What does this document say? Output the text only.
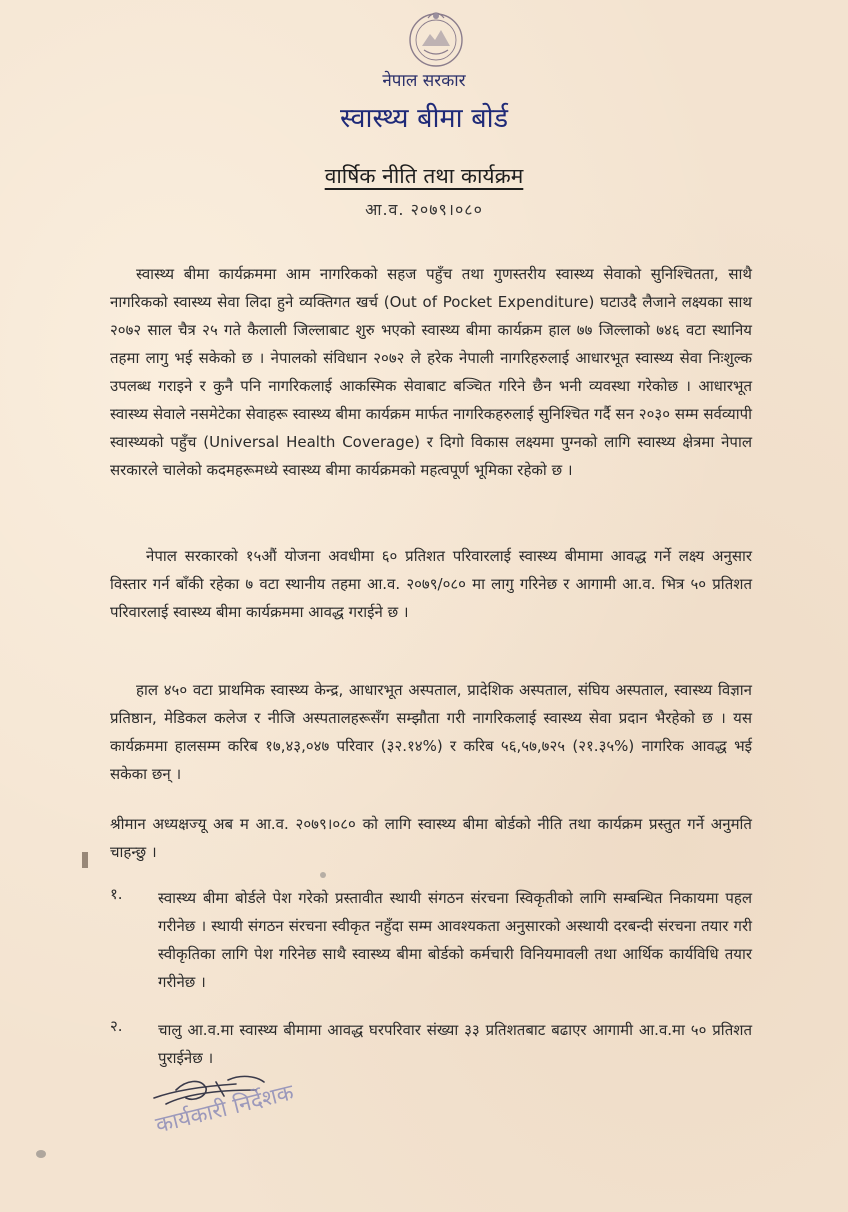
नेपाल सरकार
स्वास्थ्य बीमा बोर्ड
वार्षिक नीति तथा कार्यक्रम
आ.व. २०७९।०८०

स्वास्थ्य बीमा कार्यक्रममा आम नागरिकको सहज पहुँच तथा गुणस्तरीय स्वास्थ्य सेवाको सुनिश्चितता, साथै नागरिकको स्वास्थ्य सेवा लिदा हुने व्यक्तिगत खर्च (Out of Pocket Expenditure) घटाउदै लैजाने लक्ष्यका साथ २०७२ साल चैत्र २५ गते कैलाली जिल्लाबाट शुरु भएको स्वास्थ्य बीमा कार्यक्रम हाल ७७ जिल्लाको ७४६ वटा स्थानिय तहमा लागु भई सकेको छ । नेपालको संविधान २०७२ ले हरेक नेपाली नागरिहरुलाई आधारभूत स्वास्थ्य सेवा निःशुल्क उपलब्ध गराइने र कुनै पनि नागरिकलाई आकस्मिक सेवाबाट बञ्चित गरिने छैन भनी व्यवस्था गरेकोछ । आधारभूत स्वास्थ्य सेवाले नसमेटेका सेवाहरू स्वास्थ्य बीमा कार्यक्रम मार्फत नागरिकहरुलाई सुनिश्चित गर्दै सन २०३० सम्म सर्वव्यापी स्वास्थ्यको पहुँच (Universal Health Coverage) र दिगो विकास लक्ष्यमा पुग्नको लागि स्वास्थ्य क्षेत्रमा नेपाल सरकारले चालेको कदमहरूमध्ये स्वास्थ्य बीमा कार्यक्रमको महत्वपूर्ण भूमिका रहेको छ ।

नेपाल सरकारको १५औं योजना अवधीमा ६० प्रतिशत परिवारलाई स्वास्थ्य बीमामा आवद्ध गर्ने लक्ष्य अनुसार विस्तार गर्न बाँकी रहेका ७ वटा स्थानीय तहमा आ.व. २०७९/०८० मा लागु गरिनेछ र आगामी आ.व. भित्र ५० प्रतिशत परिवारलाई स्वास्थ्य बीमा कार्यक्रममा आवद्ध गराईने छ ।

हाल ४५० वटा प्राथमिक स्वास्थ्य केन्द्र, आधारभूत अस्पताल, प्रादेशिक अस्पताल, संघिय अस्पताल, स्वास्थ्य विज्ञान प्रतिष्ठान, मेडिकल कलेज र नीजि अस्पतालहरूसँग सम्झौता गरी नागरिकलाई स्वास्थ्य सेवा प्रदान भैरहेको छ । यस कार्यक्रममा हालसम्म करिब १७,४३,०४७ परिवार (३२.१४%) र करिब ५६,५७,७२५ (२१.३५%) नागरिक आवद्ध भई सकेका छन् ।

श्रीमान अध्यक्षज्यू अब म आ.व. २०७९।०८० को लागि स्वास्थ्य बीमा बोर्डको नीति तथा कार्यक्रम प्रस्तुत गर्ने अनुमति चाहन्छु ।

१. स्वास्थ्य बीमा बोर्डले पेश गरेको प्रस्तावीत स्थायी संगठन संरचना स्विकृतीको लागि सम्बन्धित निकायमा पहल गरीनेछ । स्थायी संगठन संरचना स्वीकृत नहुँदा सम्म आवश्यकता अनुसारको अस्थायी दरबन्दी संरचना तयार गरी स्वीकृतिका लागि पेश गरिनेछ साथै स्वास्थ्य बीमा बोर्डको कर्मचारी विनियमावली तथा आर्थिक कार्यविधि तयार गरीनेछ ।

२. चालु आ.व.मा स्वास्थ्य बीमामा आवद्ध घरपरिवार संख्या ३३ प्रतिशतबाट बढाएर आगामी आ.व.मा ५० प्रतिशत पुराईनेछ ।

कार्यकारी निर्देशक
